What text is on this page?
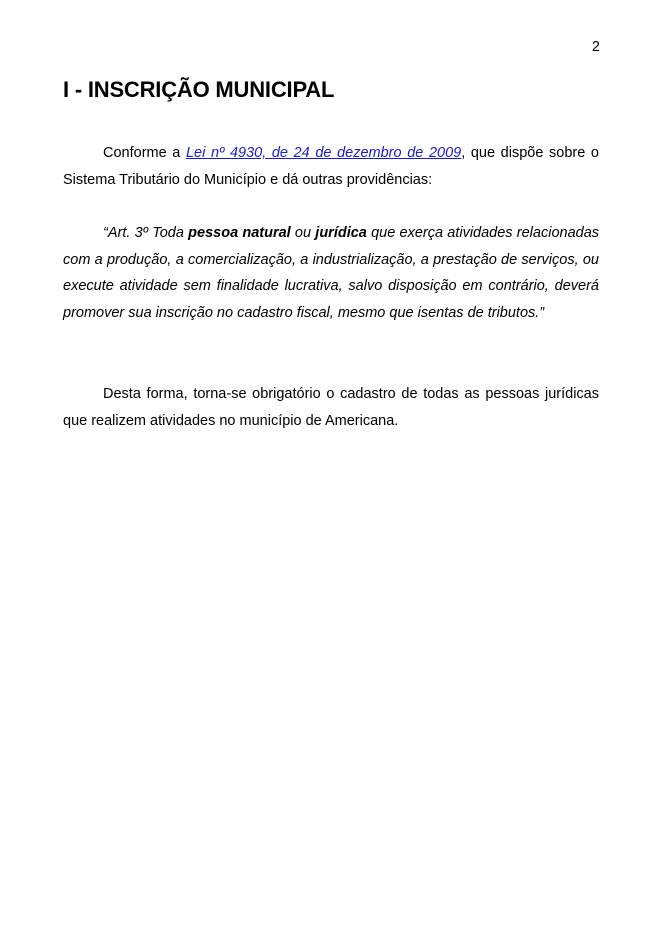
2
I - INSCRIÇÃO MUNICIPAL

Conforme a Lei nº 4930, de 24 de dezembro de 2009, que dispõe sobre o Sistema Tributário do Município e dá outras providências:

“Art. 3º Toda pessoa natural ou jurídica que exerça atividades relacionadas com a produção, a comercialização, a industrialização, a prestação de serviços, ou execute atividade sem finalidade lucrativa, salvo disposição em contrário, deverá promover sua inscrição no cadastro fiscal, mesmo que isentas de tributos.”

Desta forma, torna-se obrigatório o cadastro de todas as pessoas jurídicas que realizem atividades no município de Americana.
